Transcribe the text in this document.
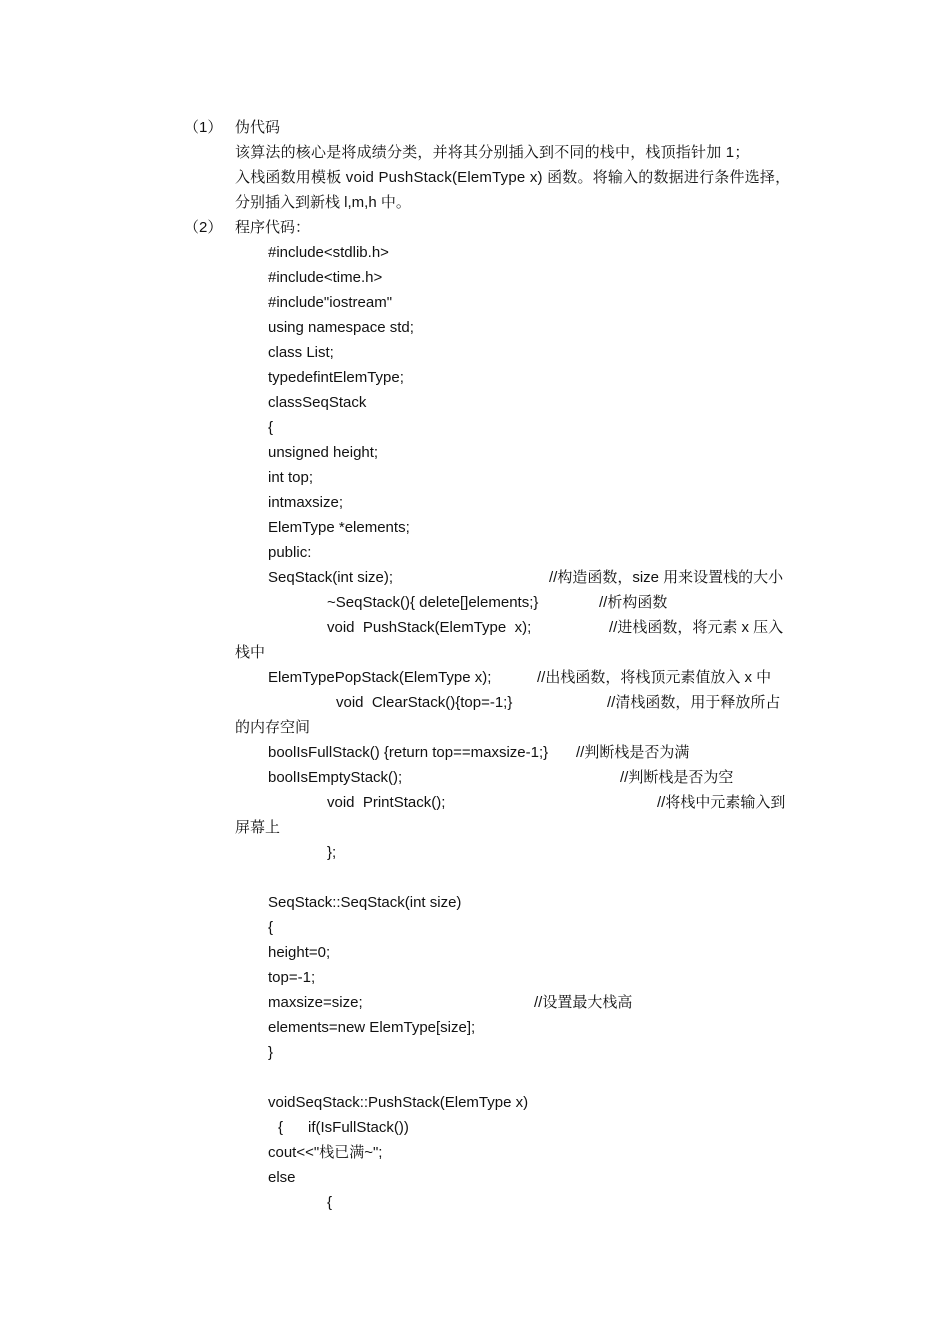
（1） 伪代码
该算法的核心是将成绩分类，并将其分别插入到不同的栈中，栈顶指针加 1；
入栈函数用模板 void PushStack(ElemType x) 函数。将输入的数据进行条件选择，
分别插入到新栈 l,m,h 中。
（2） 程序代码：
#include<stdlib.h>
#include<time.h>
#include"iostream"
using namespace std;
class List;
typedefintElemType;
classSeqStack
{
unsigned height;
int top;
intmaxsize;
ElemType *elements;
public:
SeqStack(int size);	//构造函数，size 用来设置栈的大小
~SeqStack(){ delete[]elements;}	//析构函数
void  PushStack(ElemType  x);	//进栈函数，将元素 x 压入
栈中
ElemTypePopStack(ElemType x);	//出栈函数，将栈顶元素值放入 x 中
void  ClearStack(){top=-1;}	//清栈函数，用于释放所占
的内存空间
boolIsFullStack() {return top==maxsize-1;} //判断栈是否为满
boolIsEmptyStack();	//判断栈是否为空
void  PrintStack();	//将栈中元素输入到
屏幕上
};
SeqStack::SeqStack(int size)
{
height=0;
top=-1;
maxsize=size;	//设置最大栈高
elements=new ElemType[size];
}
voidSeqStack::PushStack(ElemType x)
{      if(IsFullStack())
cout<<"栈已满~";
else
{
